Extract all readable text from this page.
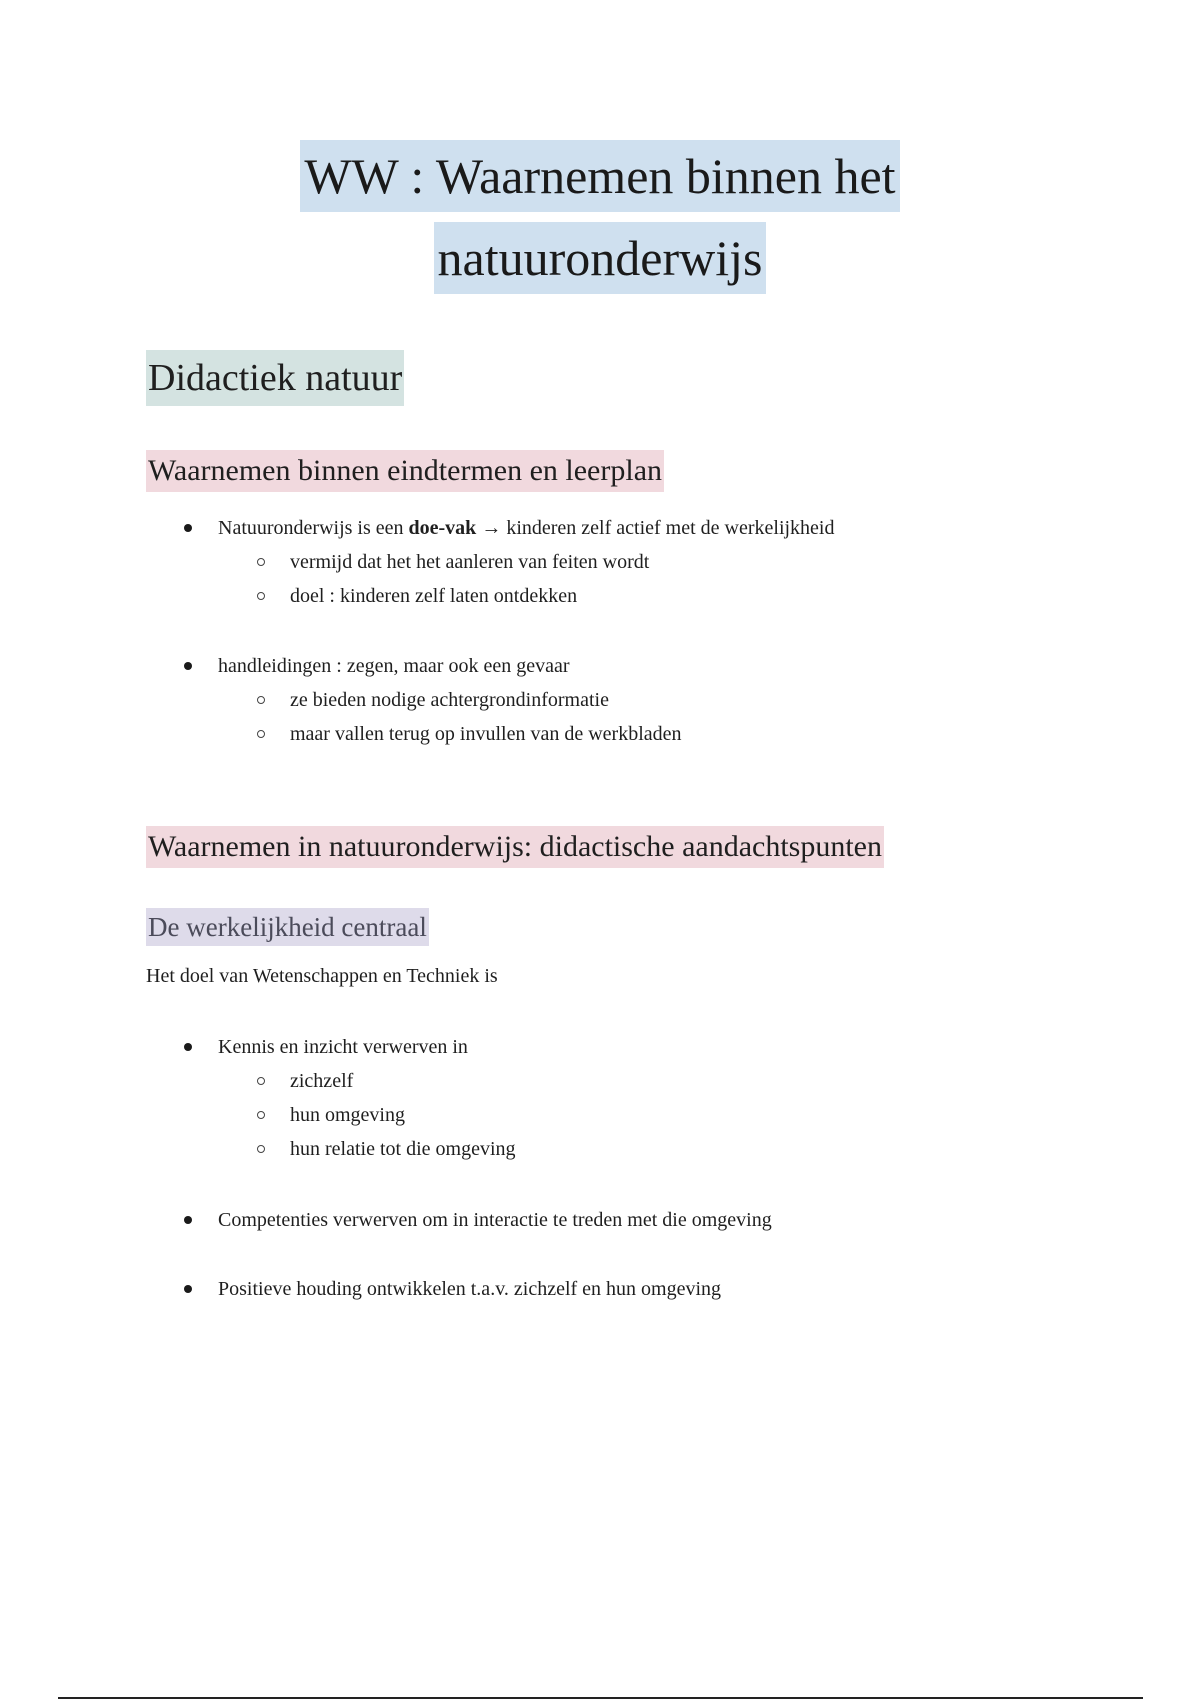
WW : Waarnemen binnen het
natuuronderwijs
Didactiek natuur
Waarnemen binnen eindtermen en leerplan
Natuuronderwijs is een doe-vak → kinderen zelf actief met de werkelijkheid
vermijd dat het het aanleren van feiten wordt
doel : kinderen zelf laten ontdekken
handleidingen : zegen, maar ook een gevaar
ze bieden nodige achtergrondinformatie
maar vallen terug op invullen van de werkbladen
Waarnemen in natuuronderwijs: didactische aandachtspunten
De werkelijkheid centraal
Het doel van Wetenschappen en Techniek is
Kennis en inzicht verwerven in
zichzelf
hun omgeving
hun relatie tot die omgeving
Competenties verwerven om in interactie te treden met die omgeving
Positieve houding ontwikkelen t.a.v. zichzelf en hun omgeving
